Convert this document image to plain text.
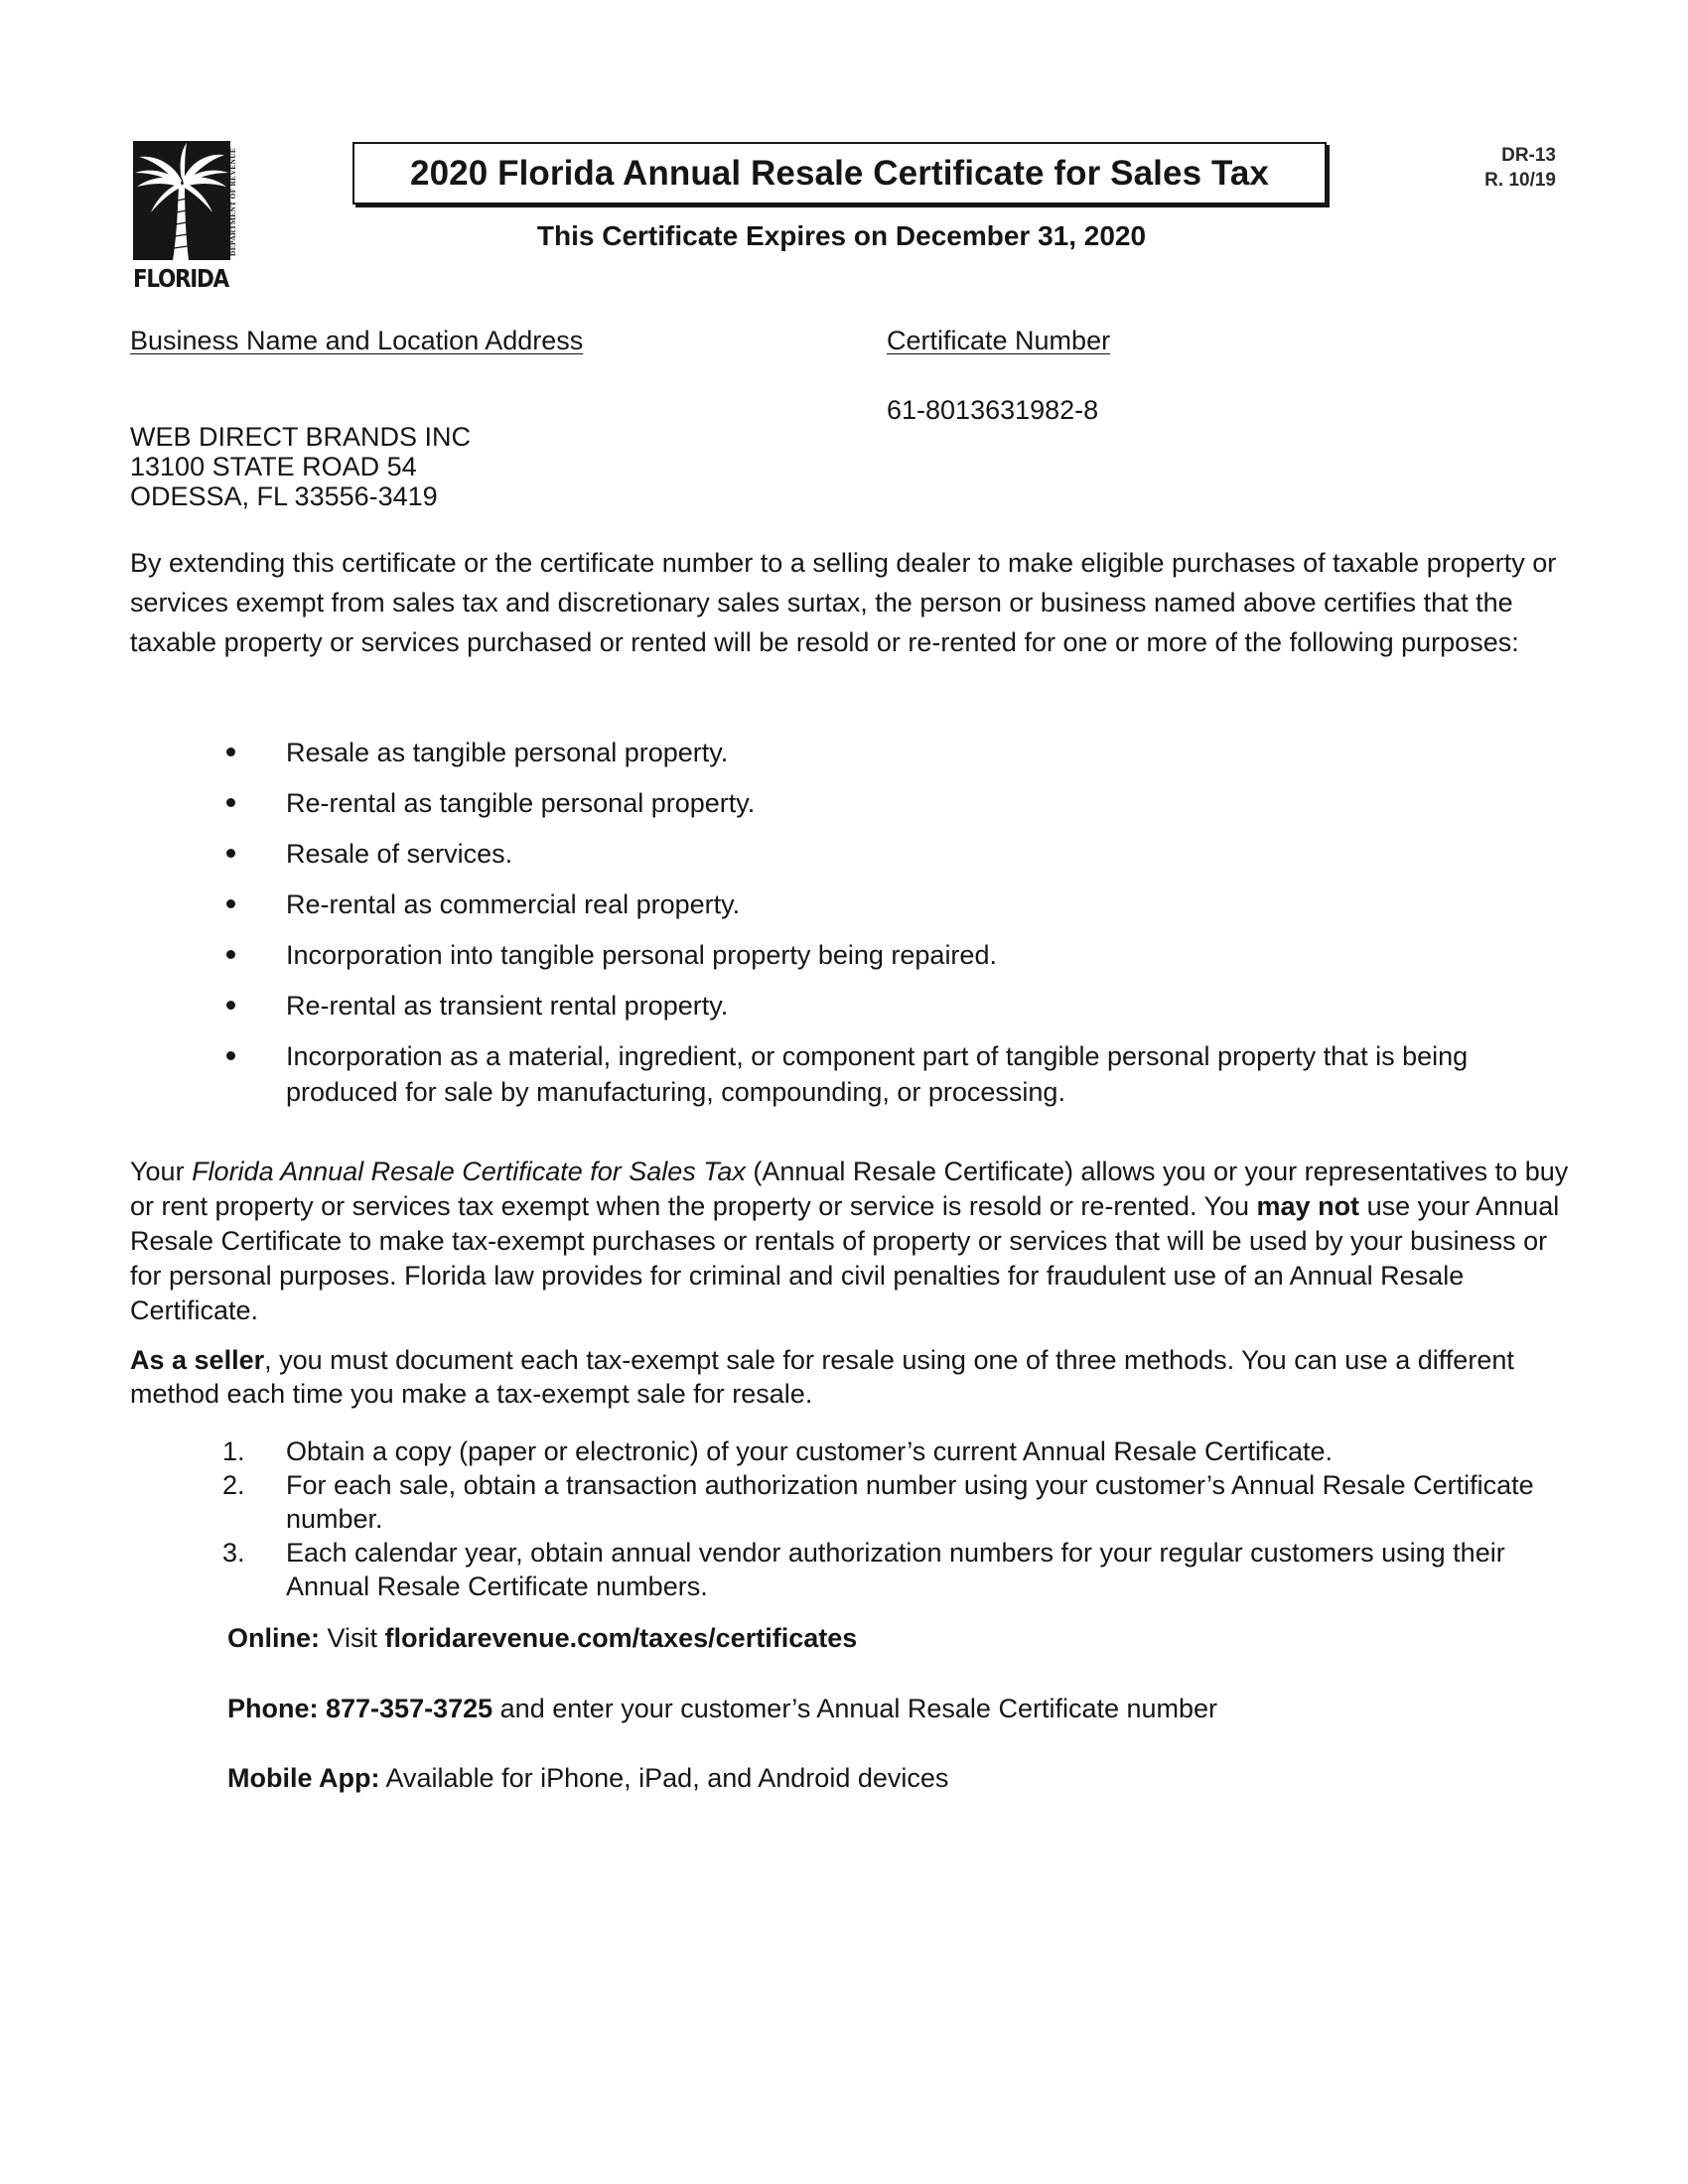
DEPARTMENT OF REVENUE
FLORIDA
2020 Florida Annual Resale Certificate for Sales Tax
This Certificate Expires on December 31, 2020
DR-13
R. 10/19
Business Name and Location Address	Certificate Number
61-8013631982-8
WEB DIRECT BRANDS INC
13100 STATE ROAD 54
ODESSA, FL 33556-3419
By extending this certificate or the certificate number to a selling dealer to make eligible purchases of taxable property or services exempt from sales tax and discretionary sales surtax, the person or business named above certifies that the taxable property or services purchased or rented will be resold or re-rented for one or more of the following purposes:
Resale as tangible personal property.
Re-rental as tangible personal property.
Resale of services.
Re-rental as commercial real property.
Incorporation into tangible personal property being repaired.
Re-rental as transient rental property.
Incorporation as a material, ingredient, or component part of tangible personal property that is being produced for sale by manufacturing, compounding, or processing.
Your Florida Annual Resale Certificate for Sales Tax (Annual Resale Certificate) allows you or your representatives to buy or rent property or services tax exempt when the property or service is resold or re-rented. You may not use your Annual Resale Certificate to make tax-exempt purchases or rentals of property or services that will be used by your business or for personal purposes. Florida law provides for criminal and civil penalties for fraudulent use of an Annual Resale Certificate.
As a seller, you must document each tax-exempt sale for resale using one of three methods. You can use a different method each time you make a tax-exempt sale for resale.
1. Obtain a copy (paper or electronic) of your customer’s current Annual Resale Certificate.
2. For each sale, obtain a transaction authorization number using your customer’s Annual Resale Certificate number.
3. Each calendar year, obtain annual vendor authorization numbers for your regular customers using their Annual Resale Certificate numbers.
Online: Visit floridarevenue.com/taxes/certificates
Phone: 877-357-3725 and enter your customer’s Annual Resale Certificate number
Mobile App: Available for iPhone, iPad, and Android devices
